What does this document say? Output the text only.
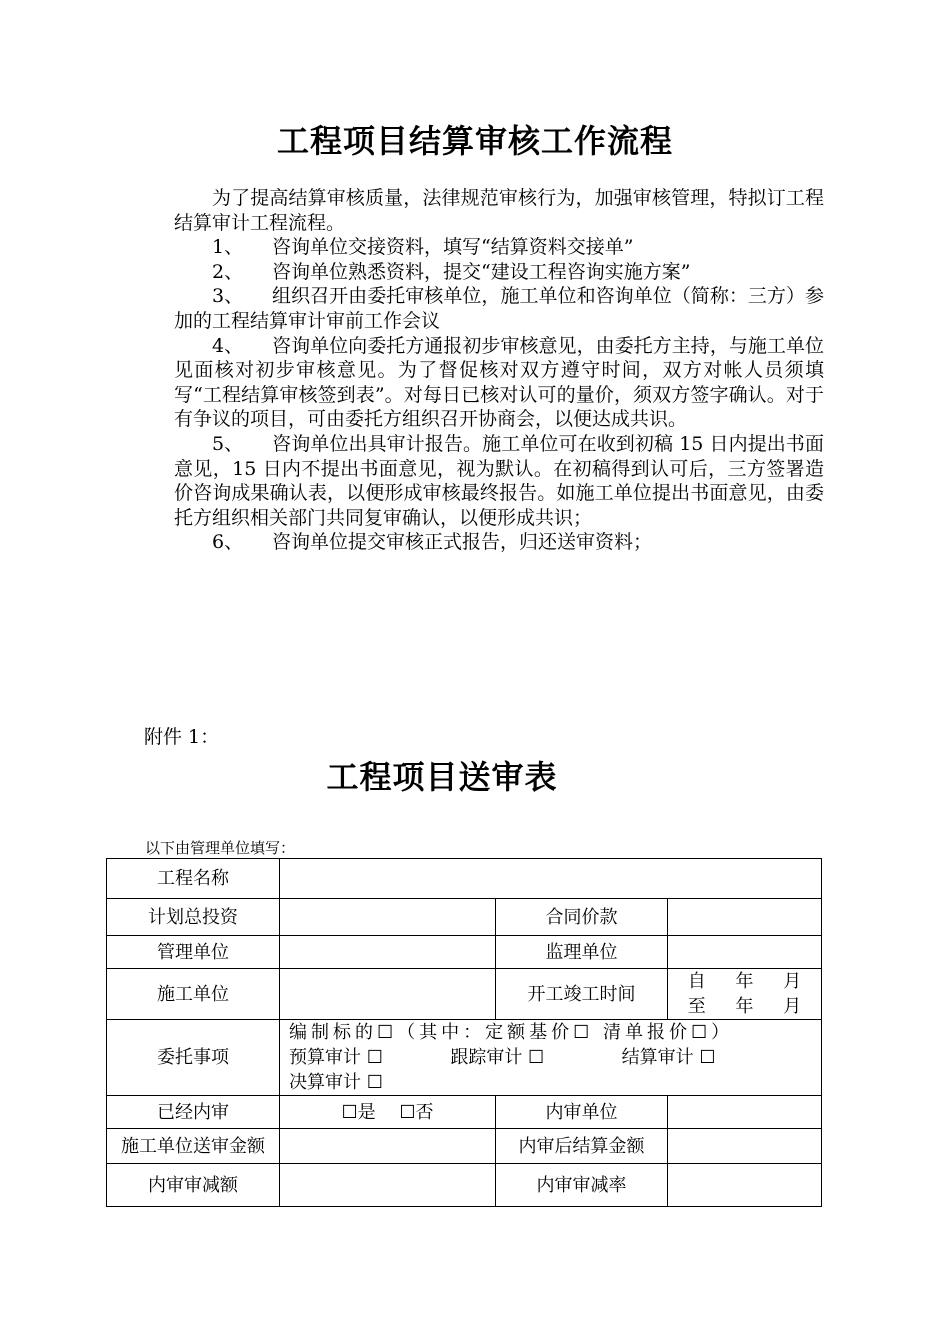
工程项目结算审核工作流程

为了提高结算审核质量，法律规范审核行为，加强审核管理，特拟订工程结算审计工程流程。

1、 咨询单位交接资料，填写“结算资料交接单”

2、 咨询单位熟悉资料，提交“建设工程咨询实施方案”

3、 组织召开由委托审核单位，施工单位和咨询单位（简称：三方）参加的工程结算审计审前工作会议

4、 咨询单位向委托方通报初步审核意见，由委托方主持，与施工单位见面核对初步审核意见。为了督促核对双方遵守时间，双方对帐人员须填写“工程结算审核签到表”。对每日已核对认可的量价，须双方签字确认。对于有争议的项目，可由委托方组织召开协商会，以便达成共识。

5、 咨询单位出具审计报告。施工单位可在收到初稿 15 日内提出书面意见，15 日内不提出书面意见，视为默认。在初稿得到认可后，三方签署造价咨询成果确认表，以便形成审核最终报告。如施工单位提出书面意见，由委托方组织相关部门共同复审确认，以便形成共识；

6、 咨询单位提交审核正式报告，归还送审资料；

附件 1：
工程项目送审表
以下由管理单位填写：
工程名称			
计划总投资		合同价款	
管理单位		监理单位	
施工单位		开工竣工时间	自 年 月
至 年 月

委托事项	编制标的☐（其中：定额基价☐ 清单报价☐）
预算审计 ☐ 跟踪审计 ☐ 结算审计 ☐
决算审计 ☐		

已经内审	☐是 ☐否	内审单位	
施工单位送审金额		内审后结算金额	
内审审减额		内审审减率	
